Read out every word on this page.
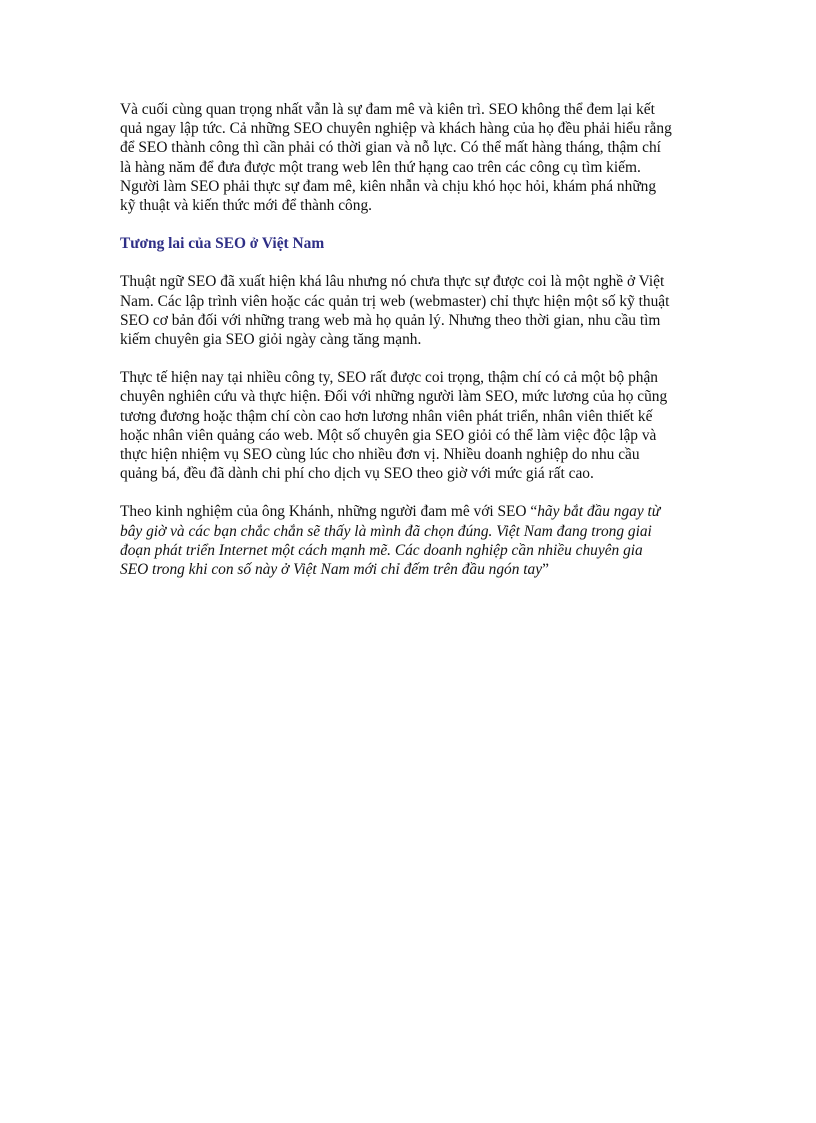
Và cuối cùng quan trọng nhất vẫn là sự đam mê và kiên trì. SEO không thể đem lại kết
quả ngay lập tức. Cả những SEO chuyên nghiệp và khách hàng của họ đều phải hiểu rằng
để SEO thành công thì cần phải có thời gian và nỗ lực. Có thể mất hàng tháng, thậm chí
là hàng năm để đưa được một trang web lên thứ hạng cao trên các công cụ tìm kiếm.
Người làm SEO phải thực sự đam mê, kiên nhẫn và chịu khó học hỏi, khám phá những
kỹ thuật và kiến thức mới để thành công.

Tương lai của SEO ở Việt Nam

Thuật ngữ SEO đã xuất hiện khá lâu nhưng nó chưa thực sự được coi là một nghề ở Việt
Nam. Các lập trình viên hoặc các quản trị web (webmaster) chỉ thực hiện một số kỹ thuật
SEO cơ bản đối với những trang web mà họ quản lý. Nhưng theo thời gian, nhu cầu tìm
kiếm chuyên gia SEO giỏi ngày càng tăng mạnh.

Thực tế hiện nay tại nhiều công ty, SEO rất được coi trọng, thậm chí có cả một bộ phận
chuyên nghiên cứu và thực hiện. Đối với những người làm SEO, mức lương của họ cũng
tương đương hoặc thậm chí còn cao hơn lương nhân viên phát triển, nhân viên thiết kế
hoặc nhân viên quảng cáo web. Một số chuyên gia SEO giỏi có thể làm việc độc lập và
thực hiện nhiệm vụ SEO cùng lúc cho nhiều đơn vị. Nhiều doanh nghiệp do nhu cầu
quảng bá, đều đã dành chi phí cho dịch vụ SEO theo giờ với mức giá rất cao.

Theo kinh nghiệm của ông Khánh, những người đam mê với SEO “hãy bắt đầu ngay từ
bây giờ và các bạn chắc chắn sẽ thấy là mình đã chọn đúng. Việt Nam đang trong giai
đoạn phát triển Internet một cách mạnh mẽ. Các doanh nghiệp cần nhiều chuyên gia
SEO trong khi con số này ở Việt Nam mới chỉ đếm trên đầu ngón tay”
